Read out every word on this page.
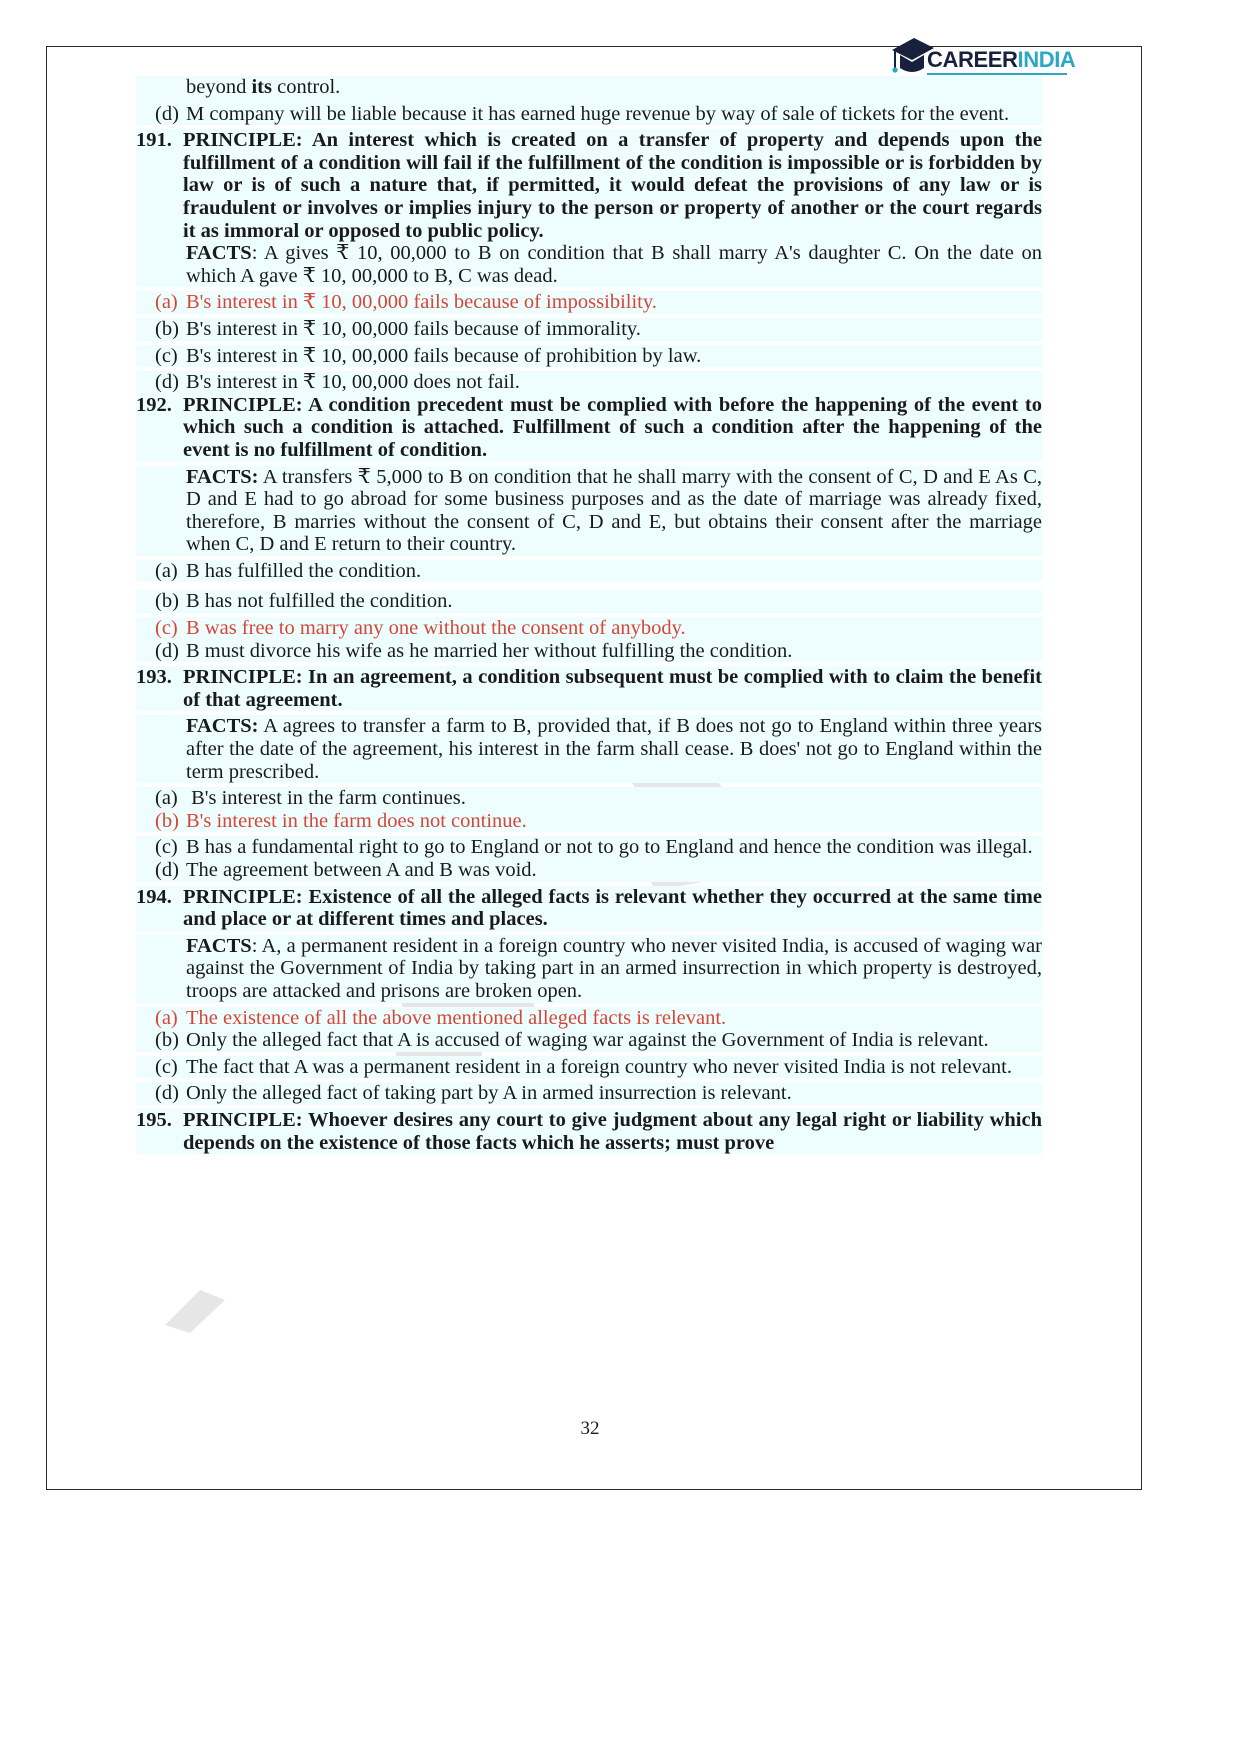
CAREERINDIA

beyond its control.

(d) M company will be liable because it has earned huge revenue by way of sale of tickets for the event.

191. PRINCIPLE: An interest which is created on a transfer of property and depends upon the fulfillment of a condition will fail if the fulfillment of the condition is impossible or is forbidden by law or is of such a nature that, if permitted, it would defeat the provisions of any law or is fraudulent or involves or implies injury to the person or property of another or the court regards it as immoral or opposed to public policy.

FACTS: A gives ₹ 10, 00,000 to B on condition that B shall marry A's daughter C. On the date on which A gave ₹ 10, 00,000 to B, C was dead.

(a) B's interest in ₹ 10, 00,000 fails because of impossibility.

(b) B's interest in ₹ 10, 00,000 fails because of immorality.

(c) B's interest in ₹ 10, 00,000 fails because of prohibition by law.

(d) B's interest in ₹ 10, 00,000 does not fail.

192. PRINCIPLE: A condition precedent must be complied with before the happening of the event to which such a condition is attached. Fulfillment of such a condition after the happening of the event is no fulfillment of condition.

FACTS: A transfers ₹ 5,000 to B on condition that he shall marry with the consent of C, D and E As C, D and E had to go abroad for some business purposes and as the date of marriage was already fixed, therefore, B marries without the consent of C, D and E, but obtains their consent after the marriage when C, D and E return to their country.

(a) B has fulfilled the condition.

(b) B has not fulfilled the condition.

(c) B was free to marry any one without the consent of anybody.

(d) B must divorce his wife as he married her without fulfilling the condition.

193. PRINCIPLE: In an agreement, a condition subsequent must be complied with to claim the benefit of that agreement.

FACTS: A agrees to transfer a farm to B, provided that, if B does not go to England within three years after the date of the agreement, his interest in the farm shall cease. B does' not go to England within the term prescribed.

(a) B's interest in the farm continues.

(b) B's interest in the farm does not continue.

(c) B has a fundamental right to go to England or not to go to England and hence the condition was illegal.

(d) The agreement between A and B was void.

194. PRINCIPLE: Existence of all the alleged facts is relevant whether they occurred at the same time and place or at different times and places.

FACTS: A, a permanent resident in a foreign country who never visited India, is accused of waging war against the Government of India by taking part in an armed insurrection in which property is destroyed, troops are attacked and prisons are broken open.

(a) The existence of all the above mentioned alleged facts is relevant.

(b) Only the alleged fact that A is accused of waging war against the Government of India is relevant.

(c) The fact that A was a permanent resident in a foreign country who never visited India is not relevant.

(d) Only the alleged fact of taking part by A in armed insurrection is relevant.

195. PRINCIPLE: Whoever desires any court to give judgment about any legal right or liability which depends on the existence of those facts which he asserts; must prove

32
